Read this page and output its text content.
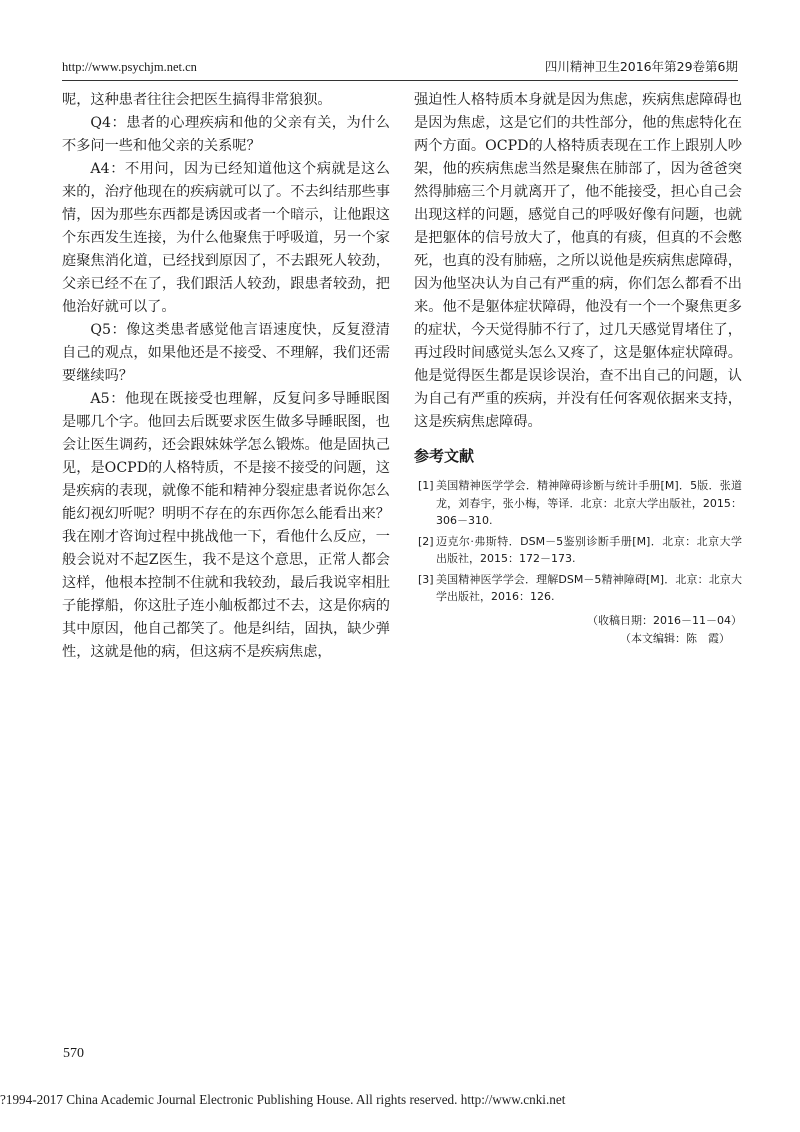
http://www.psychjm.net.cn	四川精神卫生2016年第29卷第6期

呢，这种患者往往会把医生搞得非常狼狈。

Q4：患者的心理疾病和他的父亲有关，为什么不多问一些和他父亲的关系呢？

A4：不用问，因为已经知道他这个病就是这么来的，治疗他现在的疾病就可以了。不去纠结那些事情，因为那些东西都是诱因或者一个暗示，让他跟这个东西发生连接，为什么他聚焦于呼吸道，另一个家庭聚焦消化道，已经找到原因了，不去跟死人较劲，父亲已经不在了，我们跟活人较劲，跟患者较劲，把他治好就可以了。

Q5：像这类患者感觉他言语速度快，反复澄清自己的观点，如果他还是不接受、不理解，我们还需要继续吗？

A5：他现在既接受也理解，反复问多导睡眠图是哪几个字。他回去后既要求医生做多导睡眠图，也会让医生调药，还会跟妹妹学怎么锻炼。他是固执己见，是OCPD的人格特质，不是接不接受的问题，这是疾病的表现，就像不能和精神分裂症患者说你怎么能幻视幻听呢？明明不存在的东西你怎么能看出来？我在刚才咨询过程中挑战他一下，看他什么反应，一般会说对不起Z医生，我不是这个意思，正常人都会这样，他根本控制不住就和我较劲，最后我说宰相肚子能撑船，你这肚子连小舢板都过不去，这是你病的其中原因，他自己都笑了。他是纠结，固执，缺少弹性，这就是他的病，但这病不是疾病焦虑，

强迫性人格特质本身就是因为焦虑，疾病焦虑障碍也是因为焦虑，这是它们的共性部分，他的焦虑特化在两个方面。OCPD的人格特质表现在工作上跟别人吵架，他的疾病焦虑当然是聚焦在肺部了，因为爸爸突然得肺癌三个月就离开了，他不能接受，担心自己会出现这样的问题，感觉自己的呼吸好像有问题，也就是把躯体的信号放大了，他真的有痰，但真的不会憋死，也真的没有肺癌，之所以说他是疾病焦虑障碍，因为他坚决认为自己有严重的病，你们怎么都看不出来。他不是躯体症状障碍，他没有一个一个聚焦更多的症状，今天觉得肺不行了，过几天感觉胃堵住了，再过段时间感觉头怎么又疼了，这是躯体症状障碍。他是觉得医生都是误诊误治，查不出自己的问题，认为自己有严重的疾病，并没有任何客观依据来支持，这是疾病焦虑障碍。

参考文献

[1] 美国精神医学学会．精神障碍诊断与统计手册[M]．5版．张道龙，刘春宇，张小梅，等译．北京：北京大学出版社，2015：306－310.

[2] 迈克尔·弗斯特．DSM－5鉴别诊断手册[M]．北京：北京大学出版社，2015：172－173.

[3] 美国精神医学学会．理解DSM－5精神障碍[M]．北京：北京大学出版社，2016：126.

（收稿日期：2016－11－04）

（本文编辑：陈　霞）

570
?1994-2017 China Academic Journal Electronic Publishing House. All rights reserved. http://www.cnki.net
